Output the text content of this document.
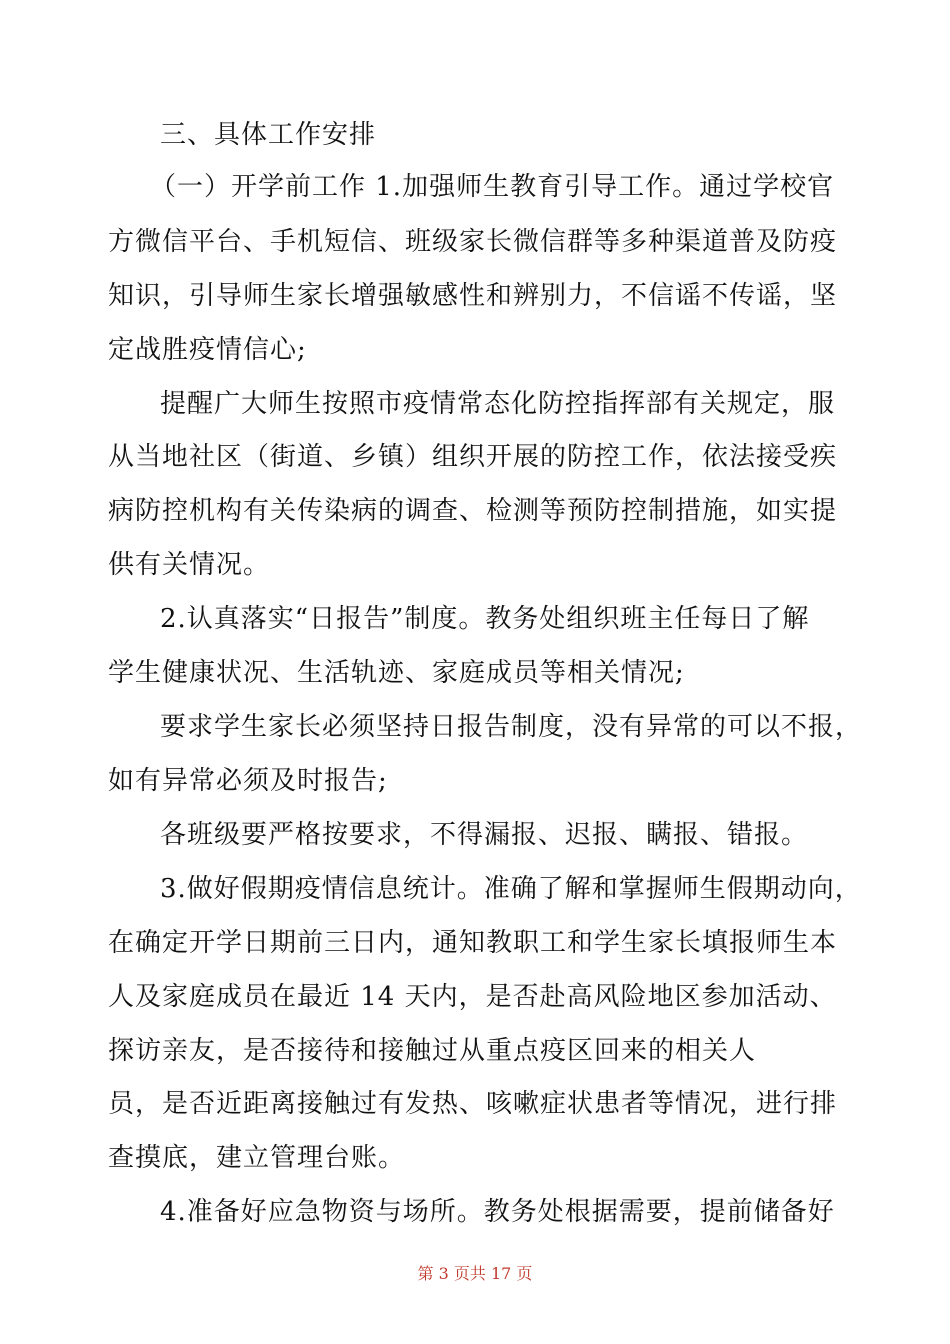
三、具体工作安排
（一）开学前工作 1.加强师生教育引导工作。通过学校官
方微信平台、手机短信、班级家长微信群等多种渠道普及防疫
知识，引导师生家长增强敏感性和辨别力，不信谣不传谣，坚
定战胜疫情信心;
提醒广大师生按照市疫情常态化防控指挥部有关规定，服
从当地社区（街道、乡镇）组织开展的防控工作，依法接受疾
病防控机构有关传染病的调查、检测等预防控制措施，如实提
供有关情况。
2.认真落实“日报告”制度。教务处组织班主任每日了解
学生健康状况、生活轨迹、家庭成员等相关情况;
要求学生家长必须坚持日报告制度，没有异常的可以不报，
如有异常必须及时报告;
各班级要严格按要求，不得漏报、迟报、瞒报、错报。
3.做好假期疫情信息统计。准确了解和掌握师生假期动向，
在确定开学日期前三日内，通知教职工和学生家长填报师生本
人及家庭成员在最近 14 天内，是否赴高风险地区参加活动、
探访亲友，是否接待和接触过从重点疫区回来的相关人
员，是否近距离接触过有发热、咳嗽症状患者等情况，进行排
查摸底，建立管理台账。
4.准备好应急物资与场所。教务处根据需要，提前储备好
第 3 页共 17 页
